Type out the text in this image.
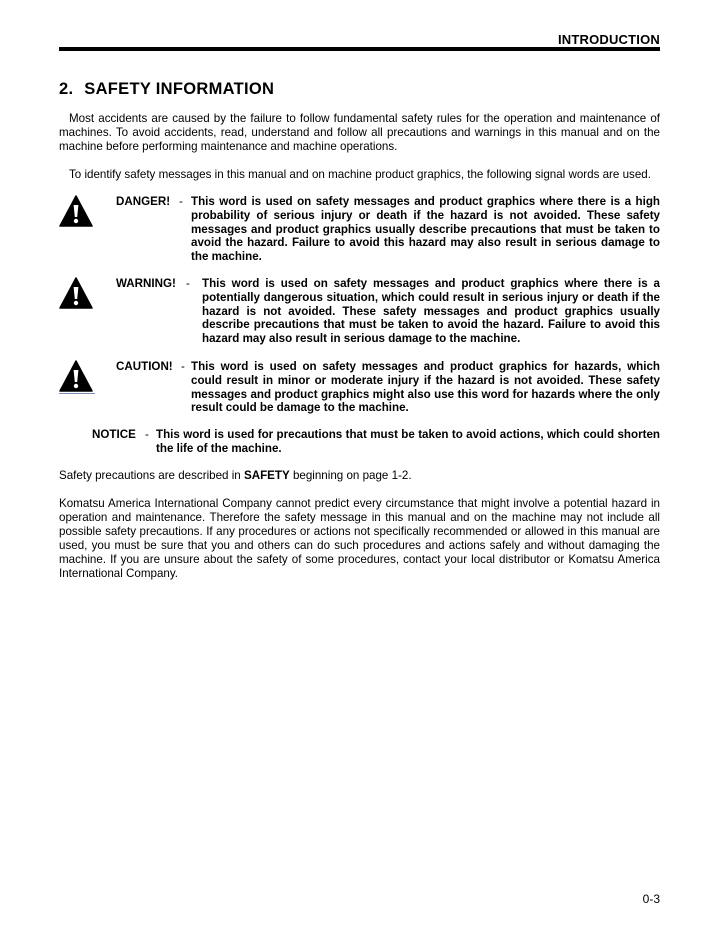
INTRODUCTION
2. SAFETY INFORMATION
Most accidents are caused by the failure to follow fundamental safety rules for the operation and maintenance of machines. To avoid accidents, read, understand and follow all precautions and warnings in this manual and on the machine before performing maintenance and machine operations.
To identify safety messages in this manual and on machine product graphics, the following signal words are used.
DANGER! - This word is used on safety messages and product graphics where there is a high probability of serious injury or death if the hazard is not avoided. These safety messages and product graphics usually describe precautions that must be taken to avoid the hazard. Failure to avoid this hazard may also result in serious damage to the machine.
WARNING! - This word is used on safety messages and product graphics where there is a potentially dangerous situation, which could result in serious injury or death if the hazard is not avoided. These safety messages and product graphics usually describe precautions that must be taken to avoid the hazard. Failure to avoid this hazard may also result in serious damage to the machine.
CAUTION! - This word is used on safety messages and product graphics for hazards, which could result in minor or moderate injury if the hazard is not avoided. These safety messages and product graphics might also use this word for hazards where the only result could be damage to the machine.
NOTICE - This word is used for precautions that must be taken to avoid actions, which could shorten the life of the machine.
Safety precautions are described in SAFETY beginning on page 1-2.
Komatsu America International Company cannot predict every circumstance that might involve a potential hazard in operation and maintenance. Therefore the safety message in this manual and on the machine may not include all possible safety precautions. If any procedures or actions not specifically recommended or allowed in this manual are used, you must be sure that you and others can do such procedures and actions safely and without damaging the machine. If you are unsure about the safety of some procedures, contact your local distributor or Komatsu America International Company.
0-3
